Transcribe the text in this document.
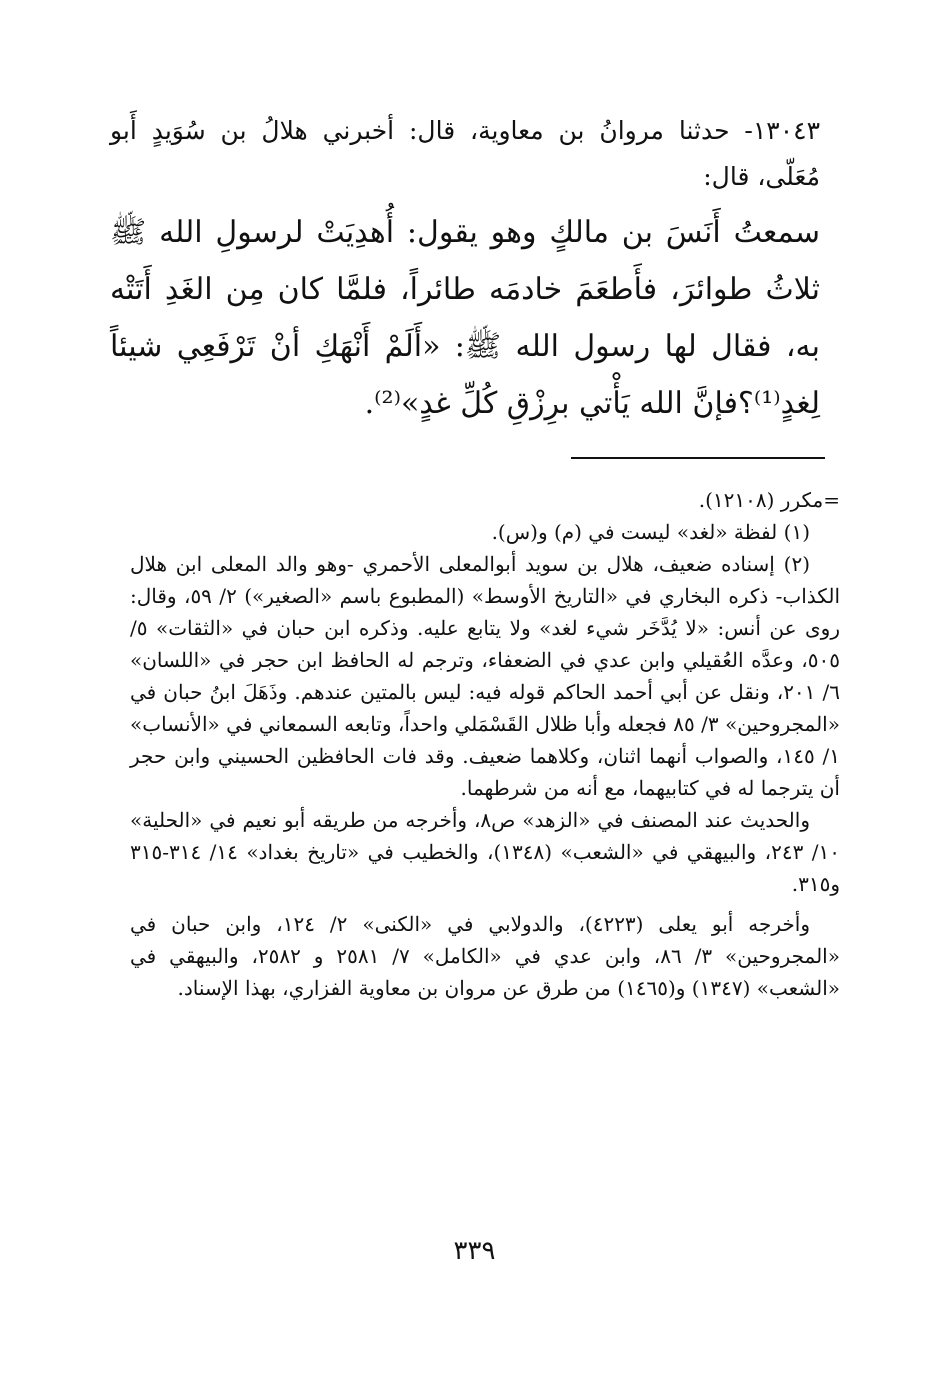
١٣٠٤٣- حدثنا مروانُ بن معاوية، قال: أخبرني هلالُ بن سُوَيدٍ أَبو مُعَلّى، قال:
سمعتُ أَنَسَ بن مالكٍ وهو يقول: أُهدِيَتْ لرسولِ الله ﷺ ثلاثُ طوائرَ، فأَطعَمَ خادمَه طائراً، فلمَّا كان مِن الغَدِ أَتَتْه به، فقال لها رسول الله ﷺ: «أَلَمْ أَنْهَكِ أنْ تَرْفَعِي شيئاً لِغدٍ⁽¹⁾؟فإنَّ الله يَأْتي برِزْقِ كُلِّ غدٍ»⁽²⁾.

=مكرر (١٢١٠٨).

(١) لفظة «لغد» ليست في (م) و(س).

(٢) إسناده ضعيف، هلال بن سويد أبوالمعلى الأحمري -وهو والد المعلى ابن هلال الكذاب- ذكره البخاري في «التاريخ الأوسط» (المطبوع باسم «الصغير») ٢/ ٥٩، وقال: روى عن أنس: «لا يُدَّخَر شيء لغد» ولا يتابع عليه. وذكره ابن حبان في «الثقات» ٥/ ٥٠٥، وعدَّه العُقيلي وابن عدي في الضعفاء، وترجم له الحافظ ابن حجر في «اللسان» ٦/ ٢٠١، ونقل عن أبي أحمد الحاكم قوله فيه: ليس بالمتين عندهم. وذَهَلَ ابنُ حبان في «المجروحين» ٣/ ٨٥ فجعله وأبا ظلال القَسْمَلي واحداً، وتابعه السمعاني في «الأنساب» ١/ ١٤٥، والصواب أنهما اثنان، وكلاهما ضعيف. وقد فات الحافظين الحسيني وابن حجر أن يترجما له في كتابيهما، مع أنه من شرطهما.

والحديث عند المصنف في «الزهد» ص٨، وأخرجه من طريقه أبو نعيم في «الحلية» ١٠/ ٢٤٣، والبيهقي في «الشعب» (١٣٤٨)، والخطيب في «تاريخ بغداد» ١٤/ ٣١٤-٣١٥ و٣١٥.

وأخرجه أبو يعلى (٤٢٢٣)، والدولابي في «الكنى» ٢/ ١٢٤، وابن حبان في «المجروحين» ٣/ ٨٦، وابن عدي في «الكامل» ٧/ ٢٥٨١ و ٢٥٨٢، والبيهقي في «الشعب» (١٣٤٧) و(١٤٦٥) من طرق عن مروان بن معاوية الفزاري، بهذا الإسناد.

٣٣٩
